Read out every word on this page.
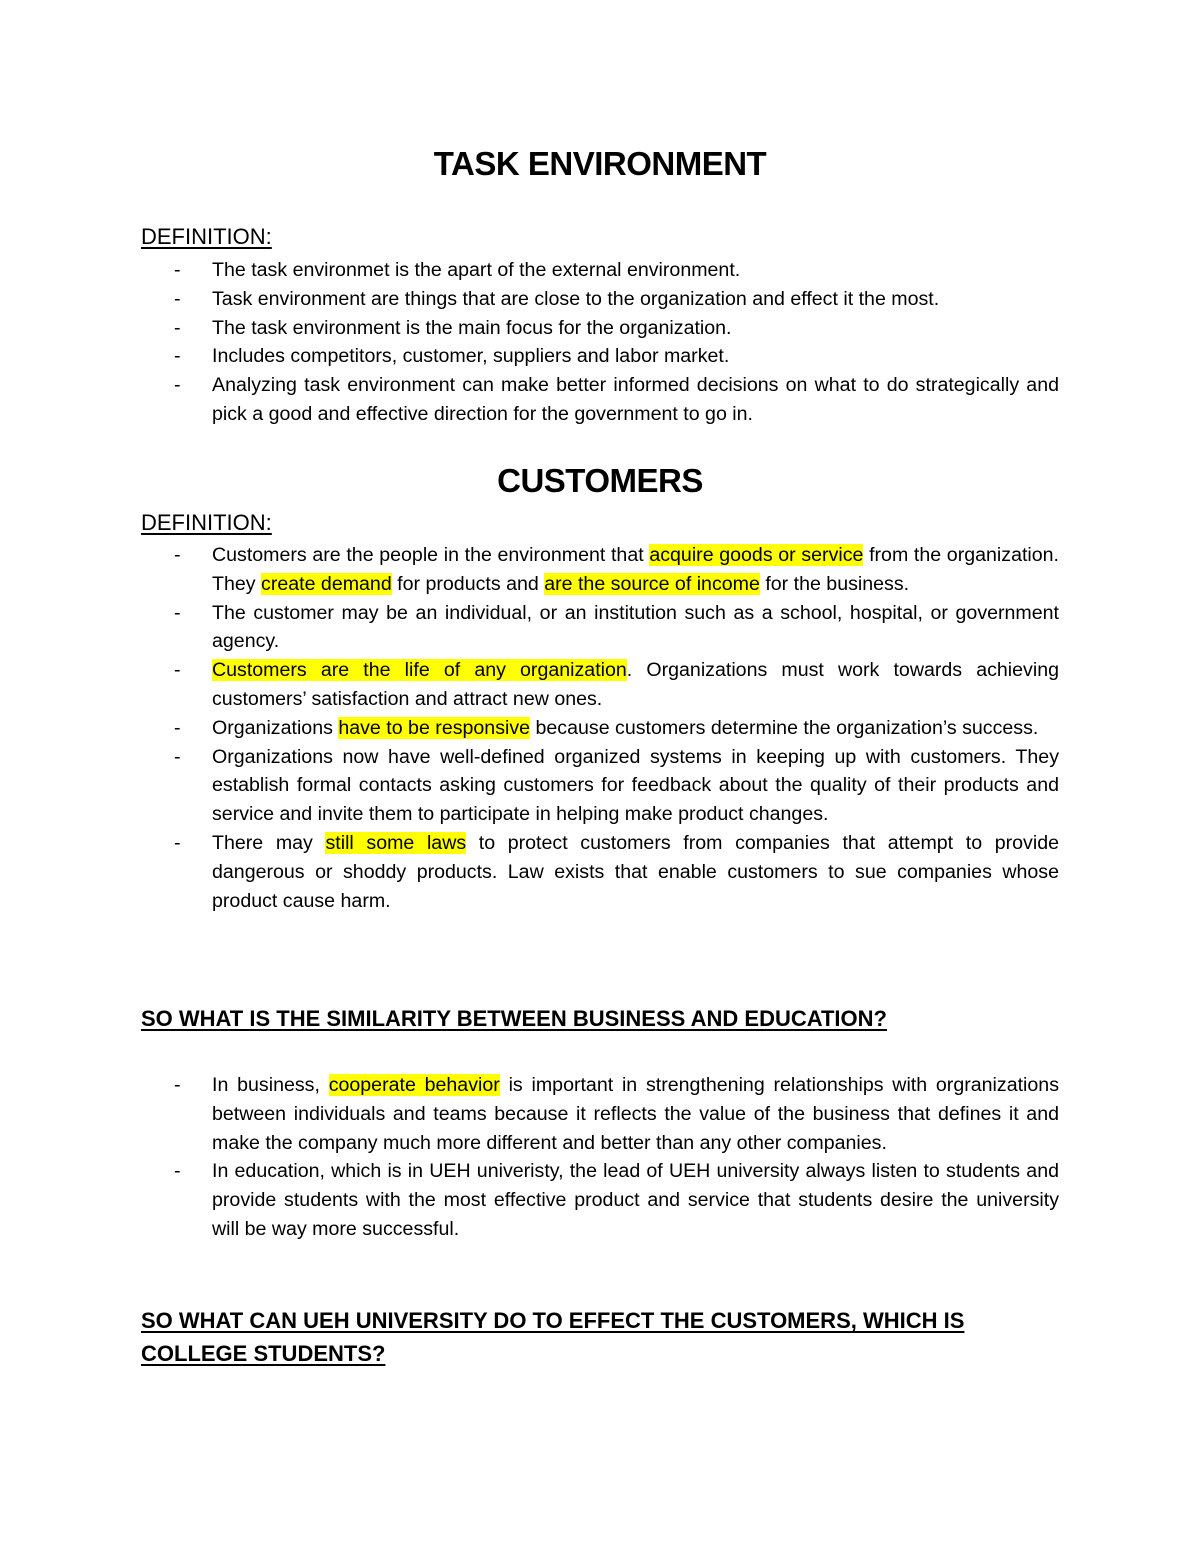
TASK ENVIRONMENT
DEFINITION:
- The task environmet is the apart of the external environment.
- Task environment are things that are close to the organization and effect it the most.
- The task environment is the main focus for the organization.
- Includes competitors, customer, suppliers and labor market.
- Analyzing task environment can make better informed decisions on what to do strategically and pick a good and effective direction for the government to go in.
CUSTOMERS
DEFINITION:
- Customers are the people in the environment that acquire goods or service from the organization. They create demand for products and are the source of income for the business.
- The customer may be an individual, or an institution such as a school, hospital, or government agency.
- Customers are the life of any organization. Organizations must work towards achieving customers’ satisfaction and attract new ones.
- Organizations have to be responsive because customers determine the organization’s success.
- Organizations now have well-defined organized systems in keeping up with customers. They establish formal contacts asking customers for feedback about the quality of their products and service and invite them to participate in helping make product changes.
- There may still some laws to protect customers from companies that attempt to provide dangerous or shoddy products. Law exists that enable customers to sue companies whose product cause harm.
SO WHAT IS THE SIMILARITY BETWEEN BUSINESS AND EDUCATION?
- In business, cooperate behavior is important in strengthening relationships with orgranizations between individuals and teams because it reflects the value of the business that defines it and make the company much more different and better than any other companies.
- In education, which is in UEH univeristy, the lead of UEH university always listen to students and provide students with the most effective product and service that students desire the university will be way more successful.
SO WHAT CAN UEH UNIVERSITY DO TO EFFECT THE CUSTOMERS, WHICH IS COLLEGE STUDENTS?
